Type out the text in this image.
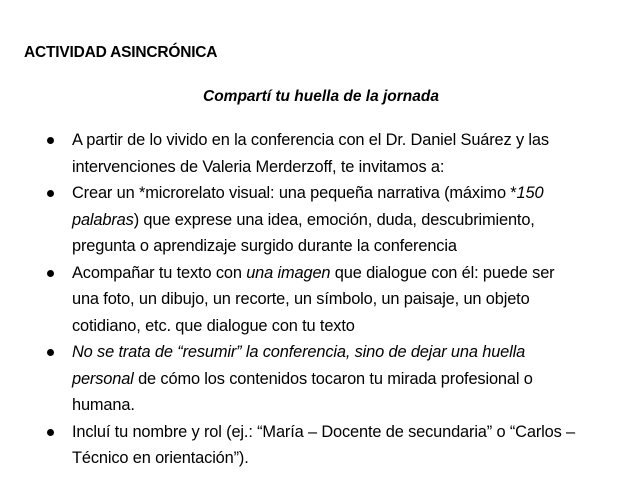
ACTIVIDAD ASINCRÓNICA
Compartí tu huella de la jornada
A partir de lo vivido en la conferencia con el Dr. Daniel Suárez y las
intervenciones de Valeria Merderzoff, te invitamos a:
Crear un *microrelato visual: una pequeña narrativa (máximo *150
palabras) que exprese una idea, emoción, duda, descubrimiento,
pregunta o aprendizaje surgido durante la conferencia
Acompañar tu texto con una imagen que dialogue con él: puede ser
una foto, un dibujo, un recorte, un símbolo, un paisaje, un objeto
cotidiano, etc. que dialogue con tu texto
No se trata de “resumir” la conferencia, sino de dejar una huella
personal de cómo los contenidos tocaron tu mirada profesional o
humana.
Incluí tu nombre y rol (ej.: “María – Docente de secundaria” o “Carlos –
Técnico en orientación”).
